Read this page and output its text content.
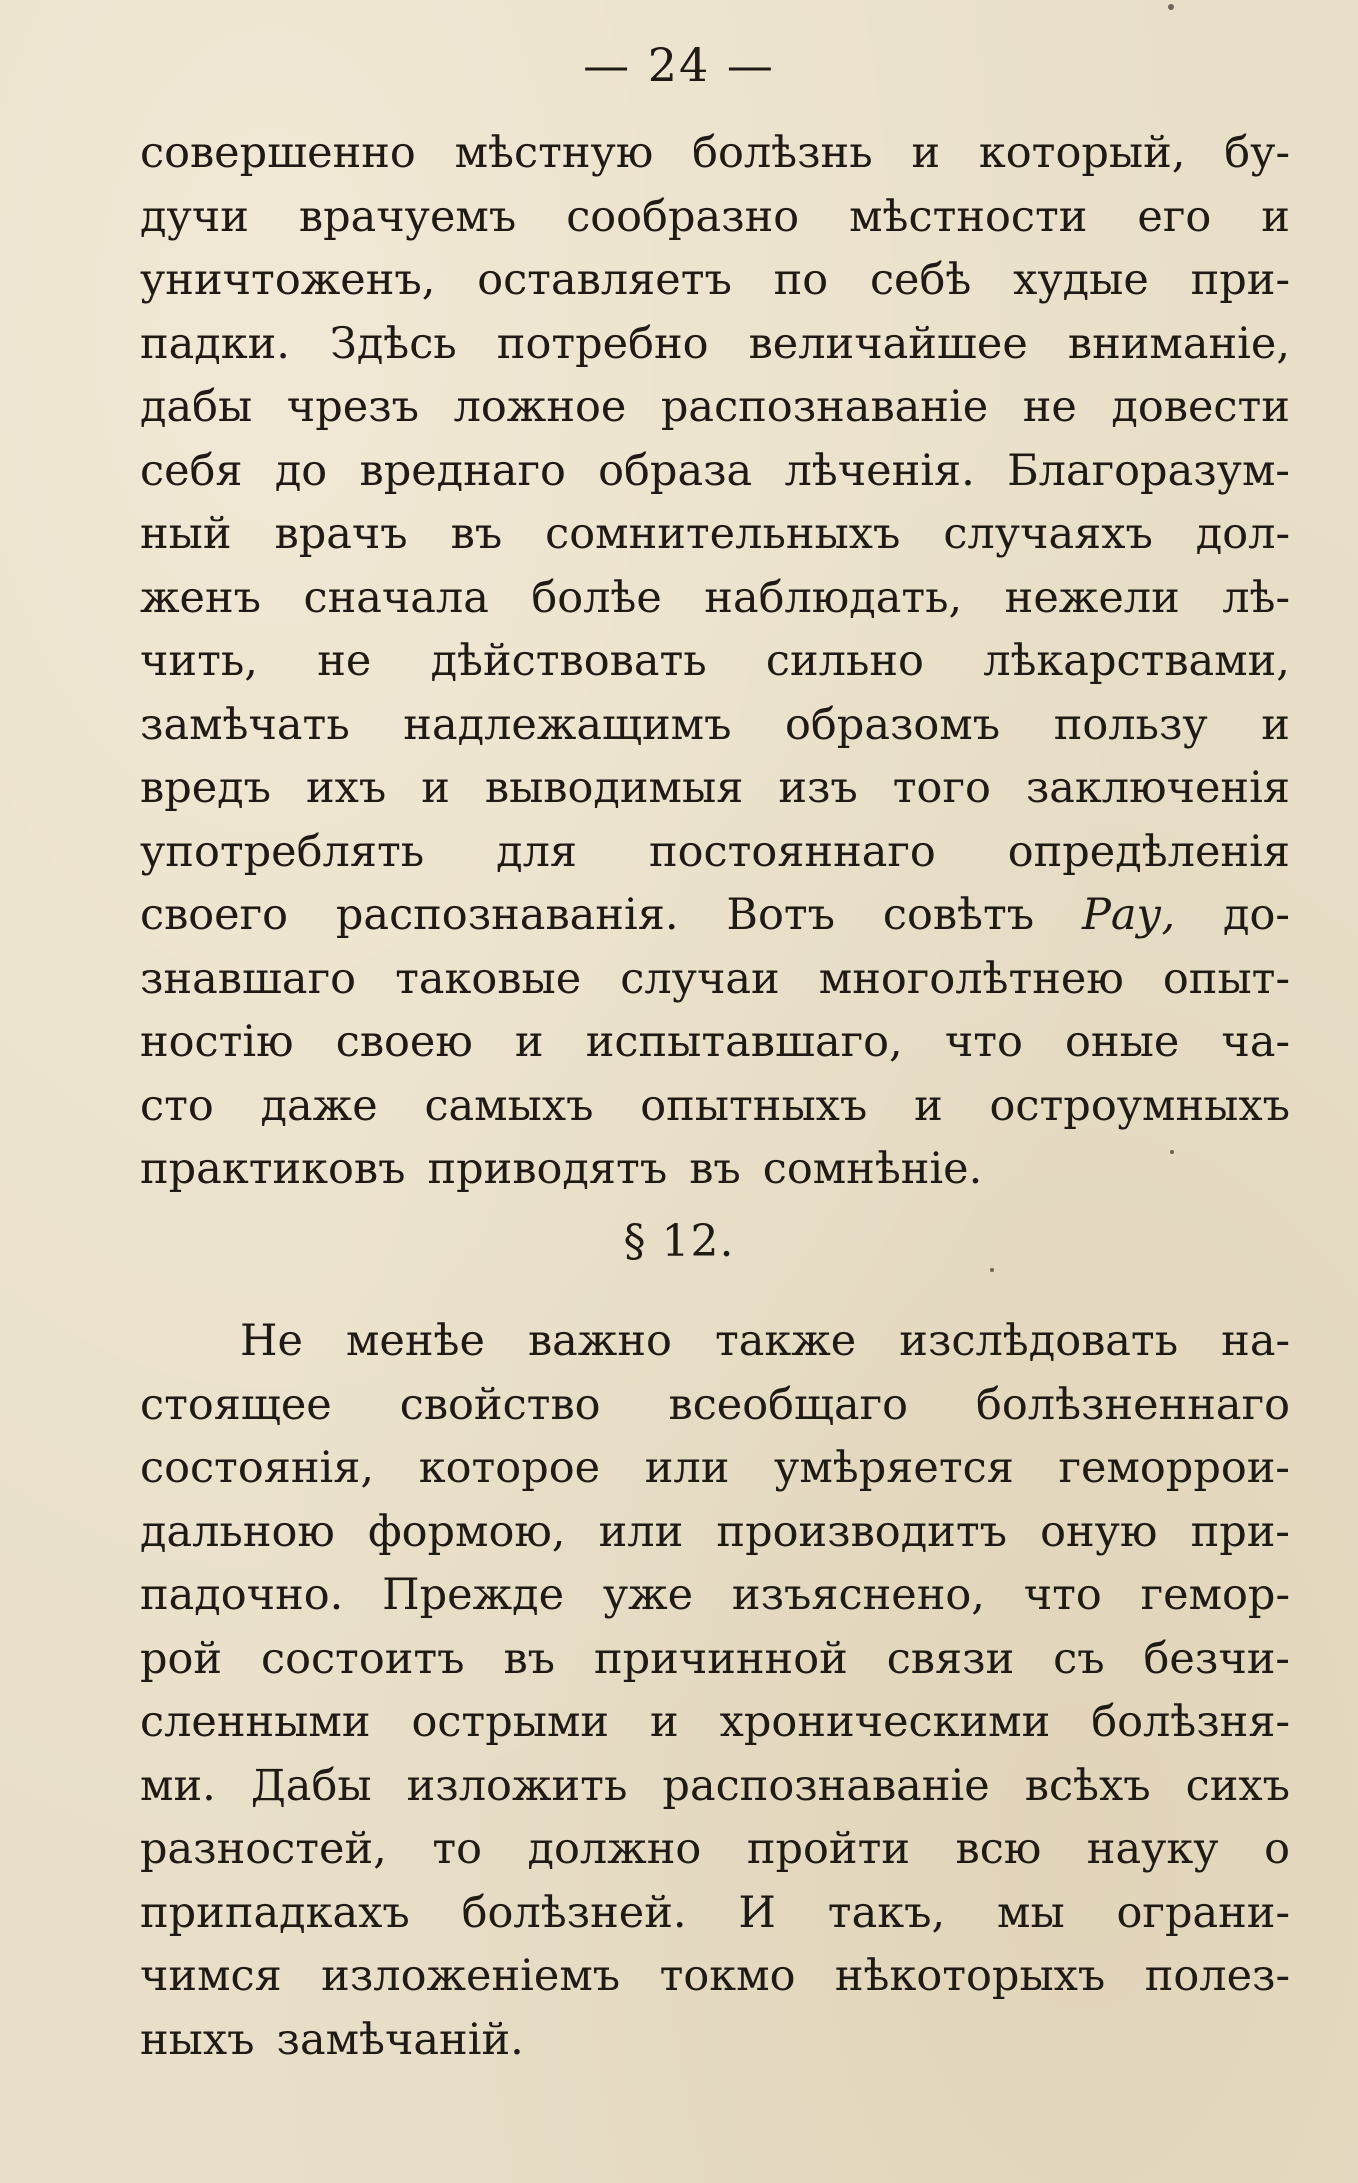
— 24 —
совершенно мѣстную болѣзнь и который, бу-
дучи врачуемъ сообразно мѣстности его и
уничтоженъ, оставляетъ по себѣ худые при-
падки. Здѣсь потребно величайшее вниманіе,
дабы чрезъ ложное распознаваніе не довести
себя до вреднаго образа лѣченія. Благоразум-
ный врачъ въ сомнительныхъ случаяхъ дол-
женъ сначала болѣе наблюдать, нежели лѣ-
чить, не дѣйствовать сильно лѣкарствами,
замѣчать надлежащимъ образомъ пользу и
вредъ ихъ и выводимыя изъ того заключенія
употреблять для постояннаго опредѣленія
своего распознаванія. Вотъ совѣтъ Рау, до-
знавшаго таковые случаи многолѣтнею опыт-
ностію своею и испытавшаго, что оные ча-
сто даже самыхъ опытныхъ и остроумныхъ
практиковъ приводятъ въ сомнѣніе.
§ 12.
Не менѣе важно также изслѣдовать на-
стоящее свойство всеобщаго болѣзненнаго
состоянія, которое или умѣряется геморрои-
дальною формою, или производитъ оную при-
падочно. Прежде уже изъяснено, что гемор-
рой состоитъ въ причинной связи съ безчи-
сленными острыми и хроническими болѣзня-
ми. Дабы изложить распознаваніе всѣхъ сихъ
разностей, то должно пройти всю науку о
припадкахъ болѣзней. И такъ, мы ограни-
чимся изложеніемъ токмо нѣкоторыхъ полез-
ныхъ замѣчаній.
